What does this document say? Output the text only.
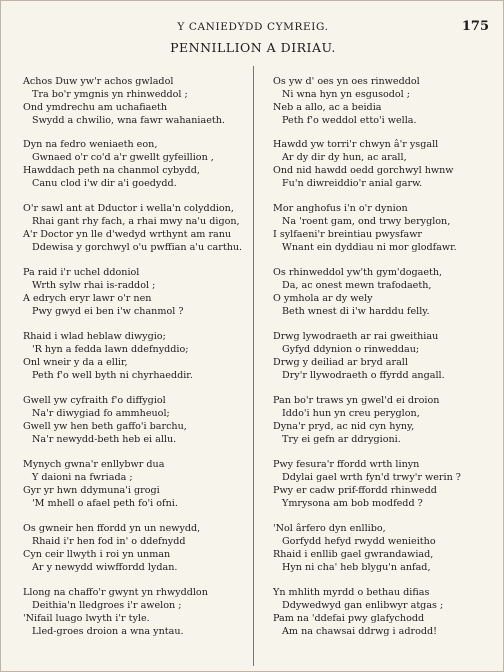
Y CANIEDYDD CYMREIG.	175
PENNILLION A DIRIAU.
Achos Duw yw'r achos gwladol
Tra bo'r ymgnis yn rhinweddol ;
Ond ymdrechu am uchafiaeth
Swydd a chwilio, wna fawr wahaniaeth.
Dyn na fedro weniaeth eon,
Gwnaed o'r co'd a'r gwellt gyfeillion ,
Hawddach peth na chanmol cybydd,
Canu clod i'w dir a'i goedydd.
O'r sawl ant at Dductor i wella'n colyddion,
Rhai gant rhy fach, a rhai mwy na'u digon,
A'r Doctor yn lle d'wedyd wrthynt am ranu
Ddewisa y gorchwyl o'u pwffian a'u carthu.
Pa raid i'r uchel ddoniol
Wrth sylw rhai is-raddol ;
A edrych eryr lawr o'r nen
Pwy gwyd ei ben i'w chanmol ?
Rhaid i wlad heblaw diwygio;
'R hyn a fedda lawn ddefnyddio;
Onl wneir y da a ellir,
Peth f'o well byth ni chyrhaeddir.
Gwell yw cyfraith f'o diffygiol
Na'r diwygiad fo ammheuol;
Gwell yw hen beth gaffo'i barchu,
Na'r newydd-beth heb ei allu.
Mynych gwna'r enllybwr dua
Y daioni na fwriada ;
Gyr yr hwn ddymuna'i grogi
'M mhell o afael peth fo'i ofni.
Os gwneir hen ffordd yn un newydd,
Rhaid i'r hen fod in' o ddefnydd
Cyn ceir llwyth i roi yn unman
Ar y newydd wiwffordd lydan.
Llong na chaffo'r gwynt yn rhwyddlon
Deithia'n lledgroes i'r awelon ;
'Nifail luago lwyth i'r tyle.
Lled-groes droion a wna yntau.
Os yw d' oes yn oes rinweddol
Ni wna hyn yn esgusodol ;
Neb a allo, ac a beidia
Peth f'o weddol etto'i wella.
Hawdd yw torri'r chwyn â'r ysgall
Ar dy dir dy hun, ac arall,
Ond nid hawdd oedd gorchwyl hwnw
Fu'n diwreiddio'r anial garw.
Mor anghofus i'n o'r dynion
Na 'roent gam, ond trwy beryglon,
I sylfaeni'r breintiau pwysfawr
Wnant ein dyddiau ni mor glodfawr.
Os rhinweddol yw'th gym'dogaeth,
Da, ac onest mewn trafodaeth,
O ymhola ar dy wely
Beth wnest di i'w harddu felly.
Drwg lywodraeth ar rai gweithiau
Gyfyd ddynion o rinweddau;
Drwg y deiliad ar bryd arall
Dry'r llywodraeth o ffyrdd angall.
Pan bo'r traws yn gwel'd ei droion
Iddo'i hun yn creu peryglon,
Dyna'r pryd, ac nid cyn hyny,
Try ei gefn ar ddrygioni.
Pwy fesura'r ffordd wrth linyn
Ddylai gael wrth fyn'd trwy'r werin ?
Pwy er cadw prif-ffordd rhinwedd
Ymrysona am bob modfedd ?
'Nol ârfero dyn enllibo,
Gorfydd hefyd rwydd wenieitho
Rhaid i enllib gael gwrandawiad,
Hyn ni cha' heb blygu'n anfad,
Yn mhlith myrdd o bethau difias
Ddywedwyd gan enlibwyr atgas ;
Pam na 'ddefai pwy glafychodd
Am na chawsai ddrwg i adrodd!
